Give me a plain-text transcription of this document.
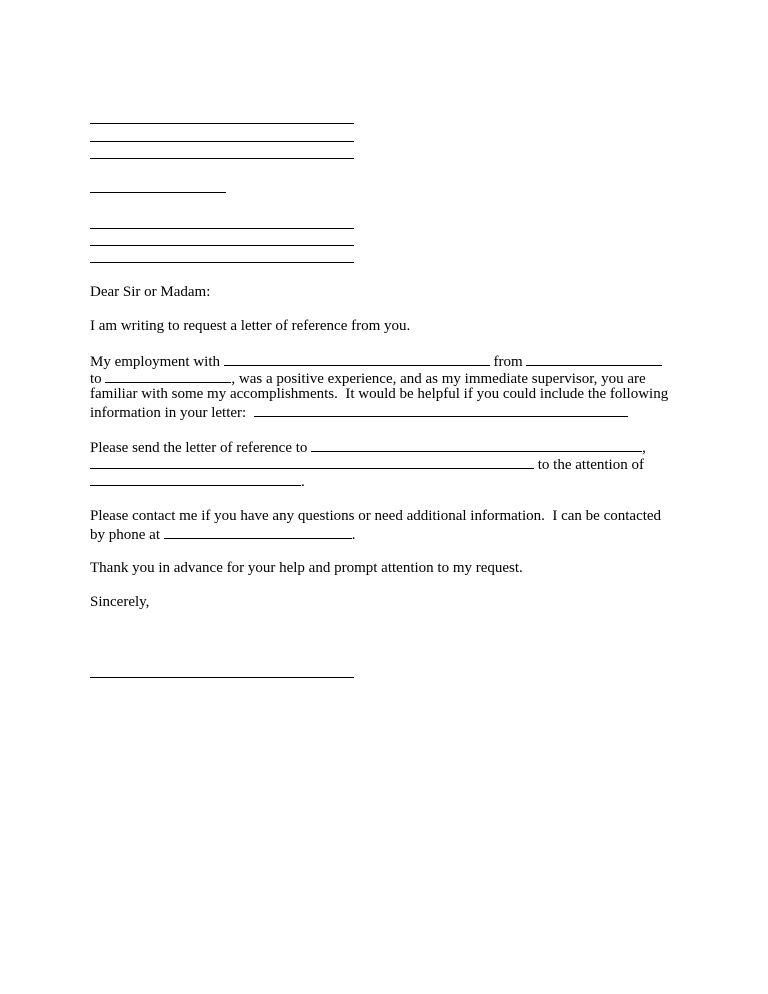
Dear Sir or Madam:
I am writing to request a letter of reference from you.
My employment with	from
to	, was a positive experience, and as my immediate supervisor, you are
familiar with some my accomplishments.  It would be helpful if you could include the following
information in your letter:
Please send the letter of reference to	,
to the attention of
.
Please contact me if you have any questions or need additional information.  I can be contacted
by phone at	.
Thank you in advance for your help and prompt attention to my request.
Sincerely,
